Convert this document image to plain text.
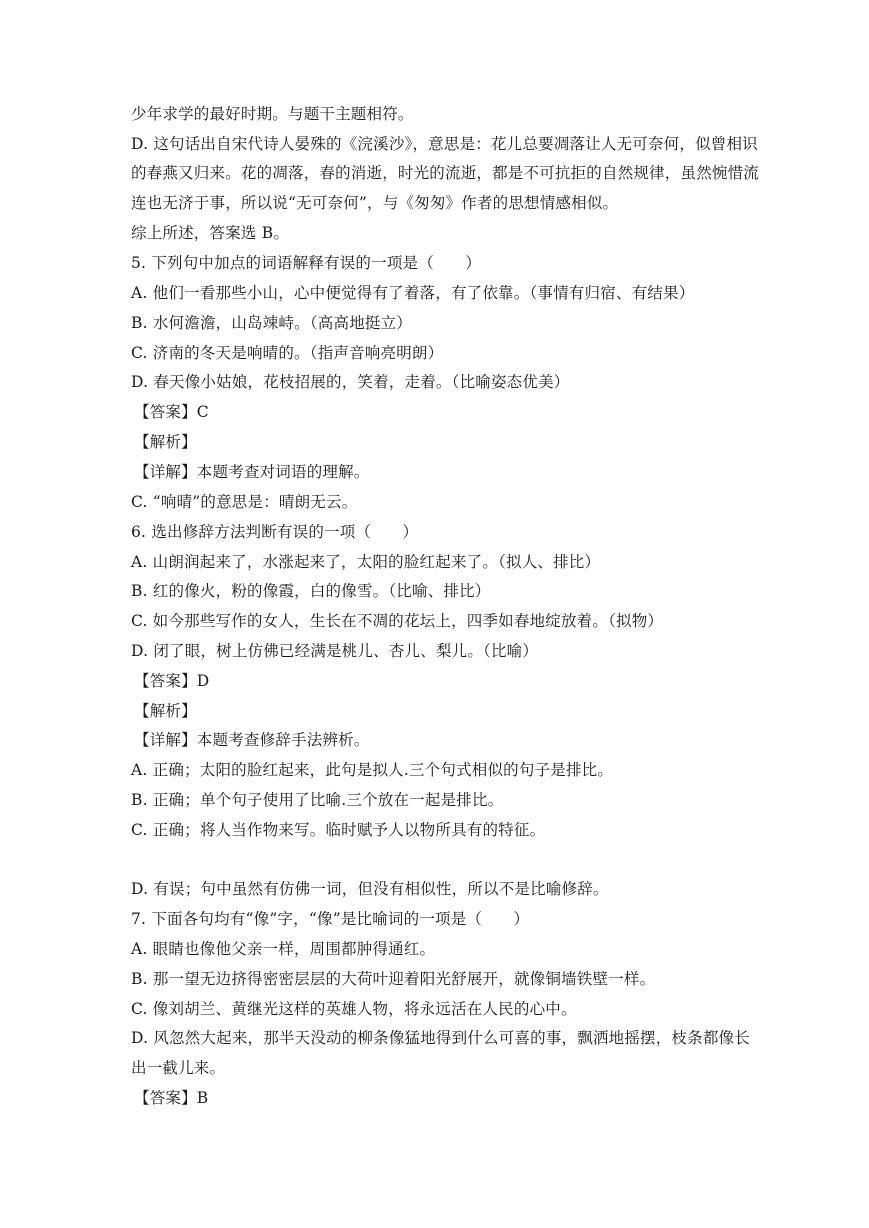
少年求学的最好时期。与题干主题相符。
D. 这句话出自宋代诗人晏殊的《浣溪沙》，意思是：花儿总要凋落让人无可奈何，似曾相识
的春燕又归来。花的凋落，春的消逝，时光的流逝，都是不可抗拒的自然规律，虽然惋惜流
连也无济于事，所以说“无可奈何”，与《匆匆》作者的思想情感相似。
综上所述，答案选 B。
5. 下列句中加点的词语解释有误的一项是（　　）
A. 他们一看那些小山，心中便觉得有了着落，有了依靠。（事情有归宿、有结果）
B. 水何澹澹，山岛竦峙。（高高地挺立）
C. 济南的冬天是响晴的。（指声音响亮明朗）
D. 春天像小姑娘，花枝招展的，笑着，走着。（比喻姿态优美）
【答案】C
【解析】
【详解】本题考查对词语的理解。
C. “响晴”的意思是：晴朗无云。
6. 选出修辞方法判断有误的一项（　　）
A. 山朗润起来了，水涨起来了，太阳的脸红起来了。（拟人、排比）
B. 红的像火，粉的像霞，白的像雪。（比喻、排比）
C. 如今那些写作的女人，生长在不凋的花坛上，四季如春地绽放着。（拟物）
D. 闭了眼，树上仿佛已经满是桃儿、杏儿、梨儿。（比喻）
【答案】D
【解析】
【详解】本题考查修辞手法辨析。
A. 正确；太阳的脸红起来，此句是拟人.三个句式相似的句子是排比。
B. 正确；单个句子使用了比喻.三个放在一起是排比。
C. 正确；将人当作物来写。临时赋予人以物所具有的特征。
D. 有误；句中虽然有仿佛一词，但没有相似性，所以不是比喻修辞。
7. 下面各句均有“像”字，“像”是比喻词的一项是（　　）
A. 眼睛也像他父亲一样，周围都肿得通红。
B. 那一望无边挤得密密层层的大荷叶迎着阳光舒展开，就像铜墙铁壁一样。
C. 像刘胡兰、黄继光这样的英雄人物，将永远活在人民的心中。
D. 风忽然大起来，那半天没动的柳条像猛地得到什么可喜的事，飘洒地摇摆，枝条都像长
出一截儿来。
【答案】B
